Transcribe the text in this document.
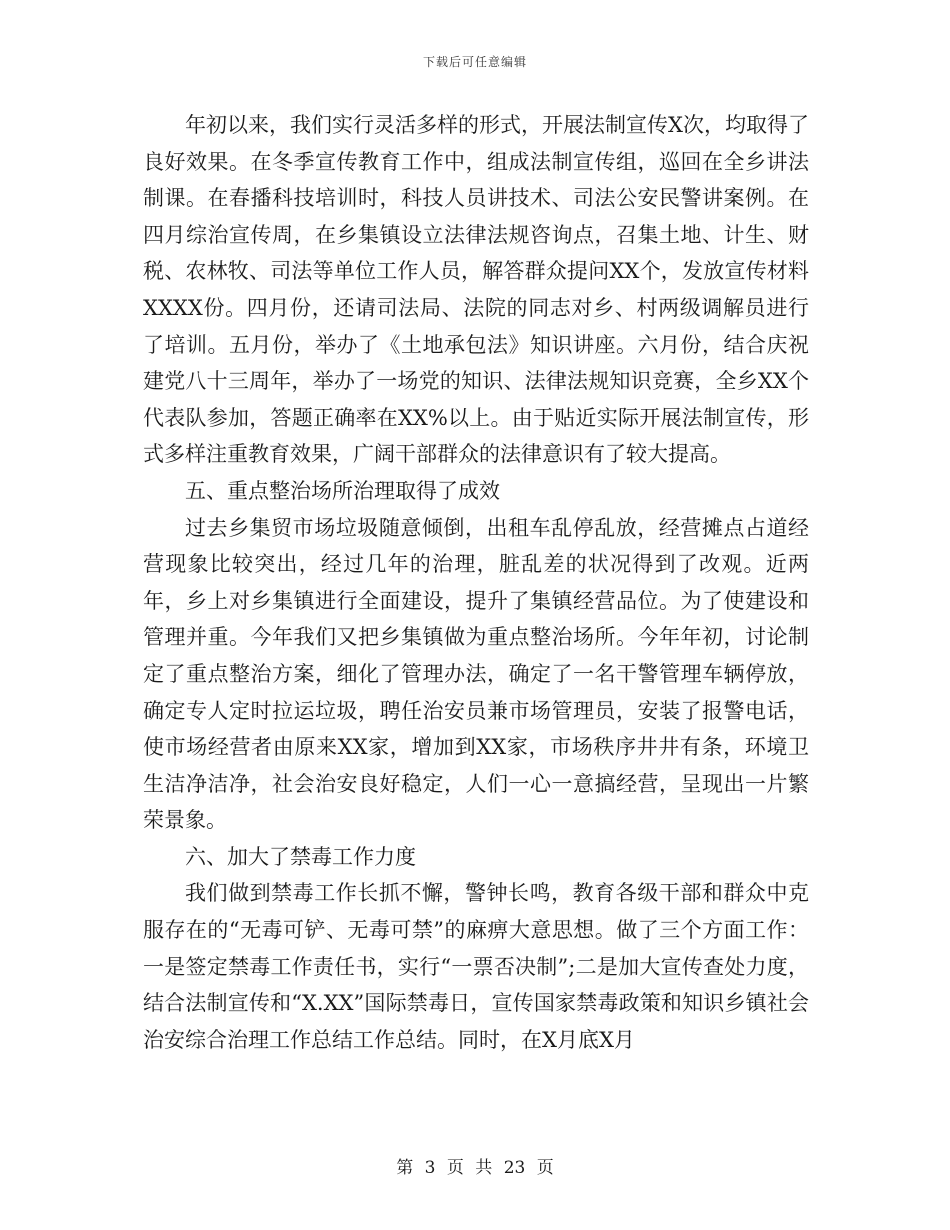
下载后可任意编辑

年初以来，我们实行灵活多样的形式，开展法制宣传X次，均取得了良好效果。在冬季宣传教育工作中，组成法制宣传组，巡回在全乡讲法制课。在春播科技培训时，科技人员讲技术、司法公安民警讲案例。在四月综治宣传周，在乡集镇设立法律法规咨询点，召集土地、计生、财税、农林牧、司法等单位工作人员，解答群众提问XX个，发放宣传材料XXXX份。四月份，还请司法局、法院的同志对乡、村两级调解员进行了培训。五月份，举办了《土地承包法》知识讲座。六月份，结合庆祝建党八十三周年，举办了一场党的知识、法律法规知识竞赛，全乡XX个代表队参加，答题正确率在XX%以上。由于贴近实际开展法制宣传，形式多样注重教育效果，广阔干部群众的法律意识有了较大提高。

五、重点整治场所治理取得了成效

过去乡集贸市场垃圾随意倾倒，出租车乱停乱放，经营摊点占道经营现象比较突出，经过几年的治理，脏乱差的状况得到了改观。近两年，乡上对乡集镇进行全面建设，提升了集镇经营品位。为了使建设和管理并重。今年我们又把乡集镇做为重点整治场所。今年年初，讨论制定了重点整治方案，细化了管理办法，确定了一名干警管理车辆停放，确定专人定时拉运垃圾，聘任治安员兼市场管理员，安装了报警电话，使市场经营者由原来XX家，增加到XX家，市场秩序井井有条，环境卫生洁净洁净，社会治安良好稳定，人们一心一意搞经营，呈现出一片繁荣景象。

六、加大了禁毒工作力度

我们做到禁毒工作长抓不懈，警钟长鸣，教育各级干部和群众中克服存在的“无毒可铲、无毒可禁”的麻痹大意思想。做了三个方面工作：一是签定禁毒工作责任书，实行“一票否决制”;二是加大宣传查处力度，结合法制宣传和“X.XX”国际禁毒日，宣传国家禁毒政策和知识乡镇社会治安综合治理工作总结工作总结。同时，在X月底X月

第 3 页 共 23 页
